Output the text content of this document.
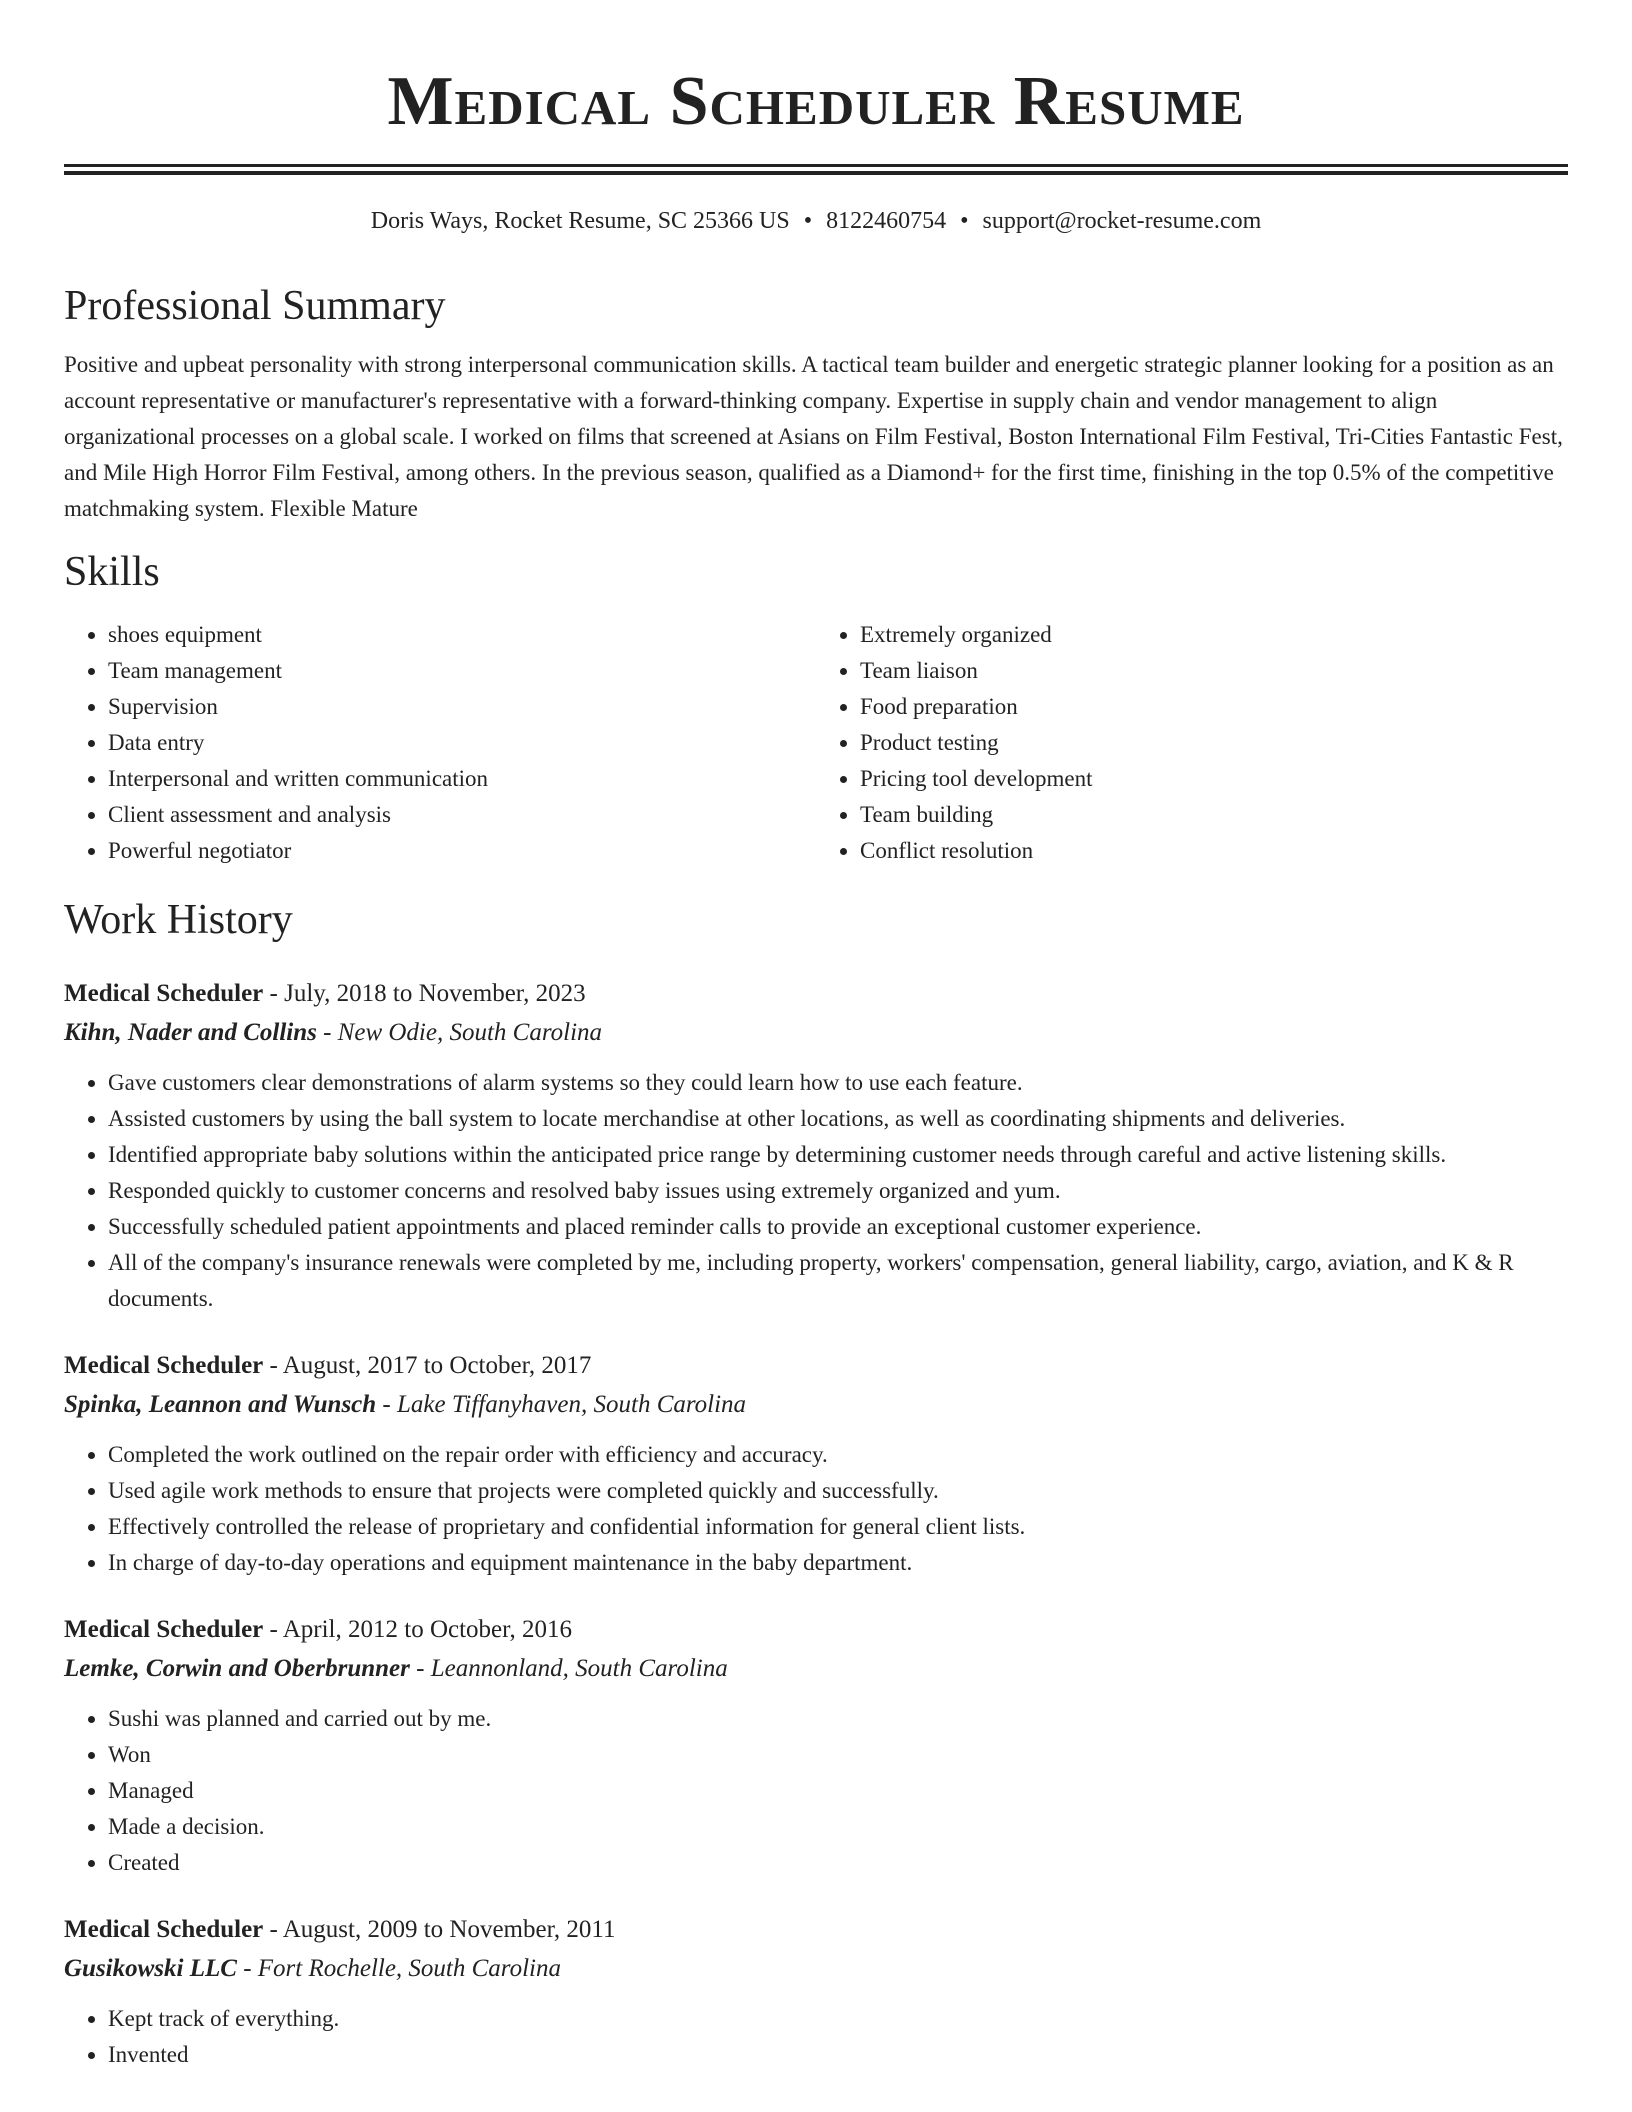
Medical Scheduler Resume
Doris Ways, Rocket Resume, SC 25366 US • 8122460754 • support@rocket-resume.com
Professional Summary
Positive and upbeat personality with strong interpersonal communication skills. A tactical team builder and energetic strategic planner looking for a position as an account representative or manufacturer's representative with a forward-thinking company. Expertise in supply chain and vendor management to align organizational processes on a global scale. I worked on films that screened at Asians on Film Festival, Boston International Film Festival, Tri-Cities Fantastic Fest, and Mile High Horror Film Festival, among others. In the previous season, qualified as a Diamond+ for the first time, finishing in the top 0.5% of the competitive matchmaking system. Flexible Mature
Skills
• shoes equipment
• Team management
• Supervision
• Data entry
• Interpersonal and written communication
• Client assessment and analysis
• Powerful negotiator
• Extremely organized
• Team liaison
• Food preparation
• Product testing
• Pricing tool development
• Team building
• Conflict resolution
Work History
Medical Scheduler - July, 2018 to November, 2023
Kihn, Nader and Collins - New Odie, South Carolina
• Gave customers clear demonstrations of alarm systems so they could learn how to use each feature.
• Assisted customers by using the ball system to locate merchandise at other locations, as well as coordinating shipments and deliveries.
• Identified appropriate baby solutions within the anticipated price range by determining customer needs through careful and active listening skills.
• Responded quickly to customer concerns and resolved baby issues using extremely organized and yum.
• Successfully scheduled patient appointments and placed reminder calls to provide an exceptional customer experience.
• All of the company's insurance renewals were completed by me, including property, workers' compensation, general liability, cargo, aviation, and K & R documents.
Medical Scheduler - August, 2017 to October, 2017
Spinka, Leannon and Wunsch - Lake Tiffanyhaven, South Carolina
• Completed the work outlined on the repair order with efficiency and accuracy.
• Used agile work methods to ensure that projects were completed quickly and successfully.
• Effectively controlled the release of proprietary and confidential information for general client lists.
• In charge of day-to-day operations and equipment maintenance in the baby department.
Medical Scheduler - April, 2012 to October, 2016
Lemke, Corwin and Oberbrunner - Leannonland, South Carolina
• Sushi was planned and carried out by me.
• Won
• Managed
• Made a decision.
• Created
Medical Scheduler - August, 2009 to November, 2011
Gusikowski LLC - Fort Rochelle, South Carolina
• Kept track of everything.
• Invented
